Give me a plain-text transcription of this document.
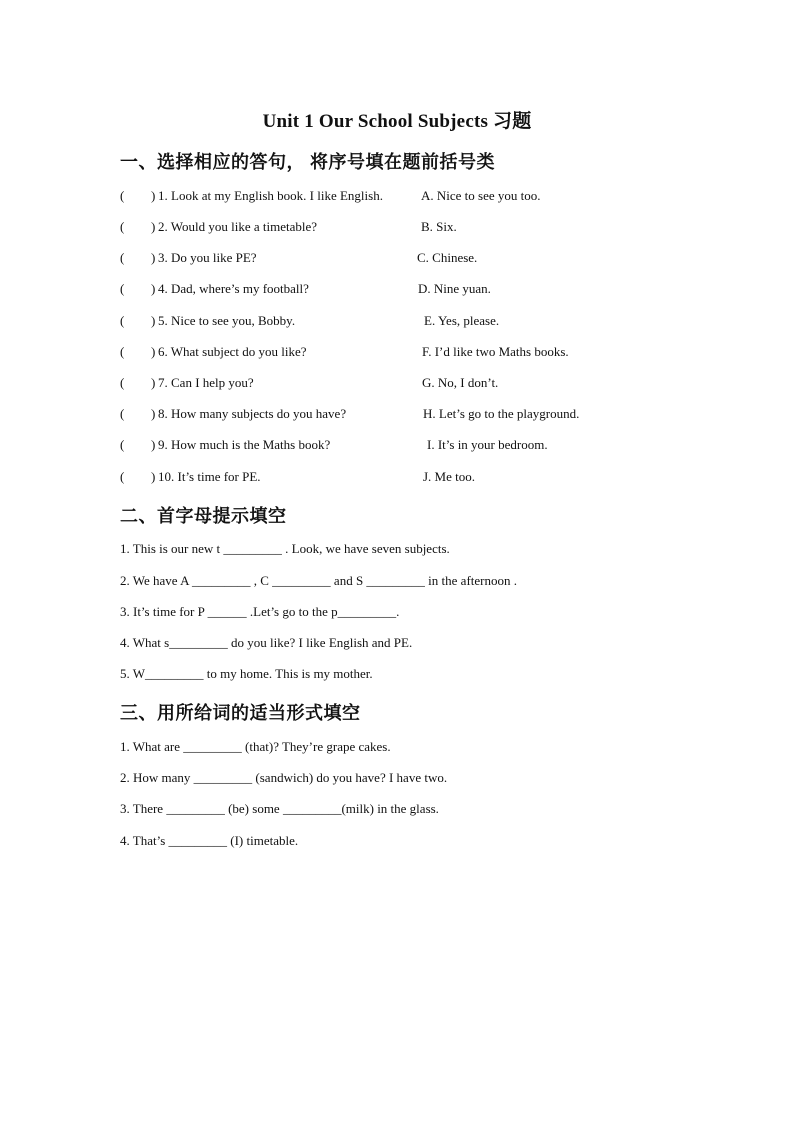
Unit 1 Our School Subjects 习题
一、选择相应的答句， 将序号填在题前括号类
( ) 1. Look at my English book. I like English.	A. Nice to see you too.
( ) 2. Would you like a timetable?	B. Six.
( ) 3. Do you like PE?	C. Chinese.
( ) 4. Dad, where’s my football?	D. Nine yuan.
( ) 5. Nice to see you, Bobby.	E. Yes, please.
( ) 6. What subject do you like?	F. I’d like two Maths books.
( ) 7. Can I help you?	G. No, I don’t.
( ) 8. How many subjects do you have?	H. Let’s go to the playground.
( ) 9. How much is the Maths book?	I. It’s in your bedroom.
( ) 10. It’s time for PE.	J. Me too.
二、首字母提示填空
1. This is our new t _________ . Look, we have seven subjects.
2. We have A _________ , C _________ and S _________ in the afternoon .
3. It’s time for P ______ .Let’s go to the p_________.
4. What s_________ do you like? I like English and PE.
5. W_________ to my home. This is my mother.
三、用所给词的适当形式填空
1. What are _________ (that)? They’re grape cakes.
2. How many _________ (sandwich) do you have? I have two.
3. There _________ (be) some _________(milk) in the glass.
4. That’s _________ (I) timetable.
